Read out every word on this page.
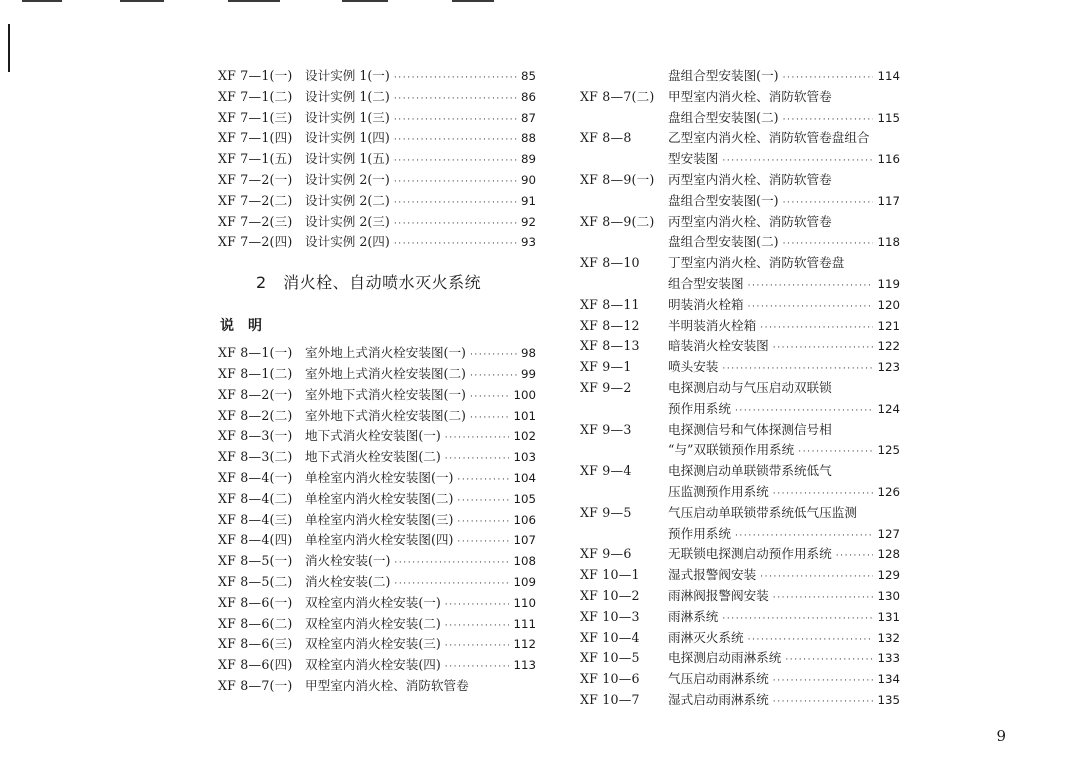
XF 7—1(一) 设计实例 1(一) ·····	85
XF 7—1(二) 设计实例 1(二) ·····	86
XF 7—1(三) 设计实例 1(三) ·····	87
XF 7—1(四) 设计实例 1(四) ·····	88
XF 7—1(五) 设计实例 1(五) ·····	89
XF 7—2(一) 设计实例 2(一) ·····	90
XF 7—2(二) 设计实例 2(二) ·····	91
XF 7—2(三) 设计实例 2(三) ·····	92
XF 7—2(四) 设计实例 2(四) ·····	93
2　消火栓、自动喷水灭火系统
说明
XF 8—1(一) 室外地上式消火栓安装图(一) ·····	98
XF 8—1(二) 室外地上式消火栓安装图(二) ·····	99
XF 8—2(一) 室外地下式消火栓安装图(一) ·····	100
XF 8—2(二) 室外地下式消火栓安装图(二) ·····	101
XF 8—3(一) 地下式消火栓安装图(一) ·····	102
XF 8—3(二) 地下式消火栓安装图(二) ·····	103
XF 8—4(一) 单栓室内消火栓安装图(一) ·····	104
XF 8—4(二) 单栓室内消火栓安装图(二) ·····	105
XF 8—4(三) 单栓室内消火栓安装图(三) ·····	106
XF 8—4(四) 单栓室内消火栓安装图(四) ·····	107
XF 8—5(一) 消火栓安装(一) ·····	108
XF 8—5(二) 消火栓安装(二) ·····	109
XF 8—6(一) 双栓室内消火栓安装(一) ·····	110
XF 8—6(二) 双栓室内消火栓安装(二) ·····	111
XF 8—6(三) 双栓室内消火栓安装(三) ·····	112
XF 8—6(四) 双栓室内消火栓安装(四) ·····	113
XF 8—7(一) 甲型室内消火栓、消防软管卷
盘组合型安装图(一) ·····	114
XF 8—7(二)	甲型室内消火栓、消防软管卷
盘组合型安装图(二) ·····	115
XF 8—8	乙型室内消火栓、消防软管卷盘组合
型安装图 ·····	116
XF 8—9(一)	丙型室内消火栓、消防软管卷
盘组合型安装图(一) ·····	117
XF 8—9(二)	丙型室内消火栓、消防软管卷
盘组合型安装图(二) ·····	118
XF 8—10	丁型室内消火栓、消防软管卷盘
组合型安装图 ·····	119
XF 8—11	明装消火栓箱 ·····	120
XF 8—12	半明装消火栓箱 ·····	121
XF 8—13	暗装消火栓安装图 ·····	122
XF 9—1	喷头安装 ·····	123
XF 9—2	电探测启动与气压启动双联锁
预作用系统 ·····	124
XF 9—3	电探测信号和气体探测信号相
“与”双联锁预作用系统 ·····	125
XF 9—4	电探测启动单联锁带系统低气
压监测预作用系统 ·····	126
XF 9—5	气压启动单联锁带系统低气压监测
预作用系统 ·····	127
XF 9—6	无联锁电探测启动预作用系统 ·····	128
XF 10—1	湿式报警阀安装 ·····	129
XF 10—2	雨淋阀报警阀安装 ·····	130
XF 10—3	雨淋系统 ·····	131
XF 10—4	雨淋灭火系统 ·····	132
XF 10—5	电探测启动雨淋系统 ·····	133
XF 10—6	气压启动雨淋系统 ·····	134
XF 10—7	湿式启动雨淋系统 ·····	135
9
